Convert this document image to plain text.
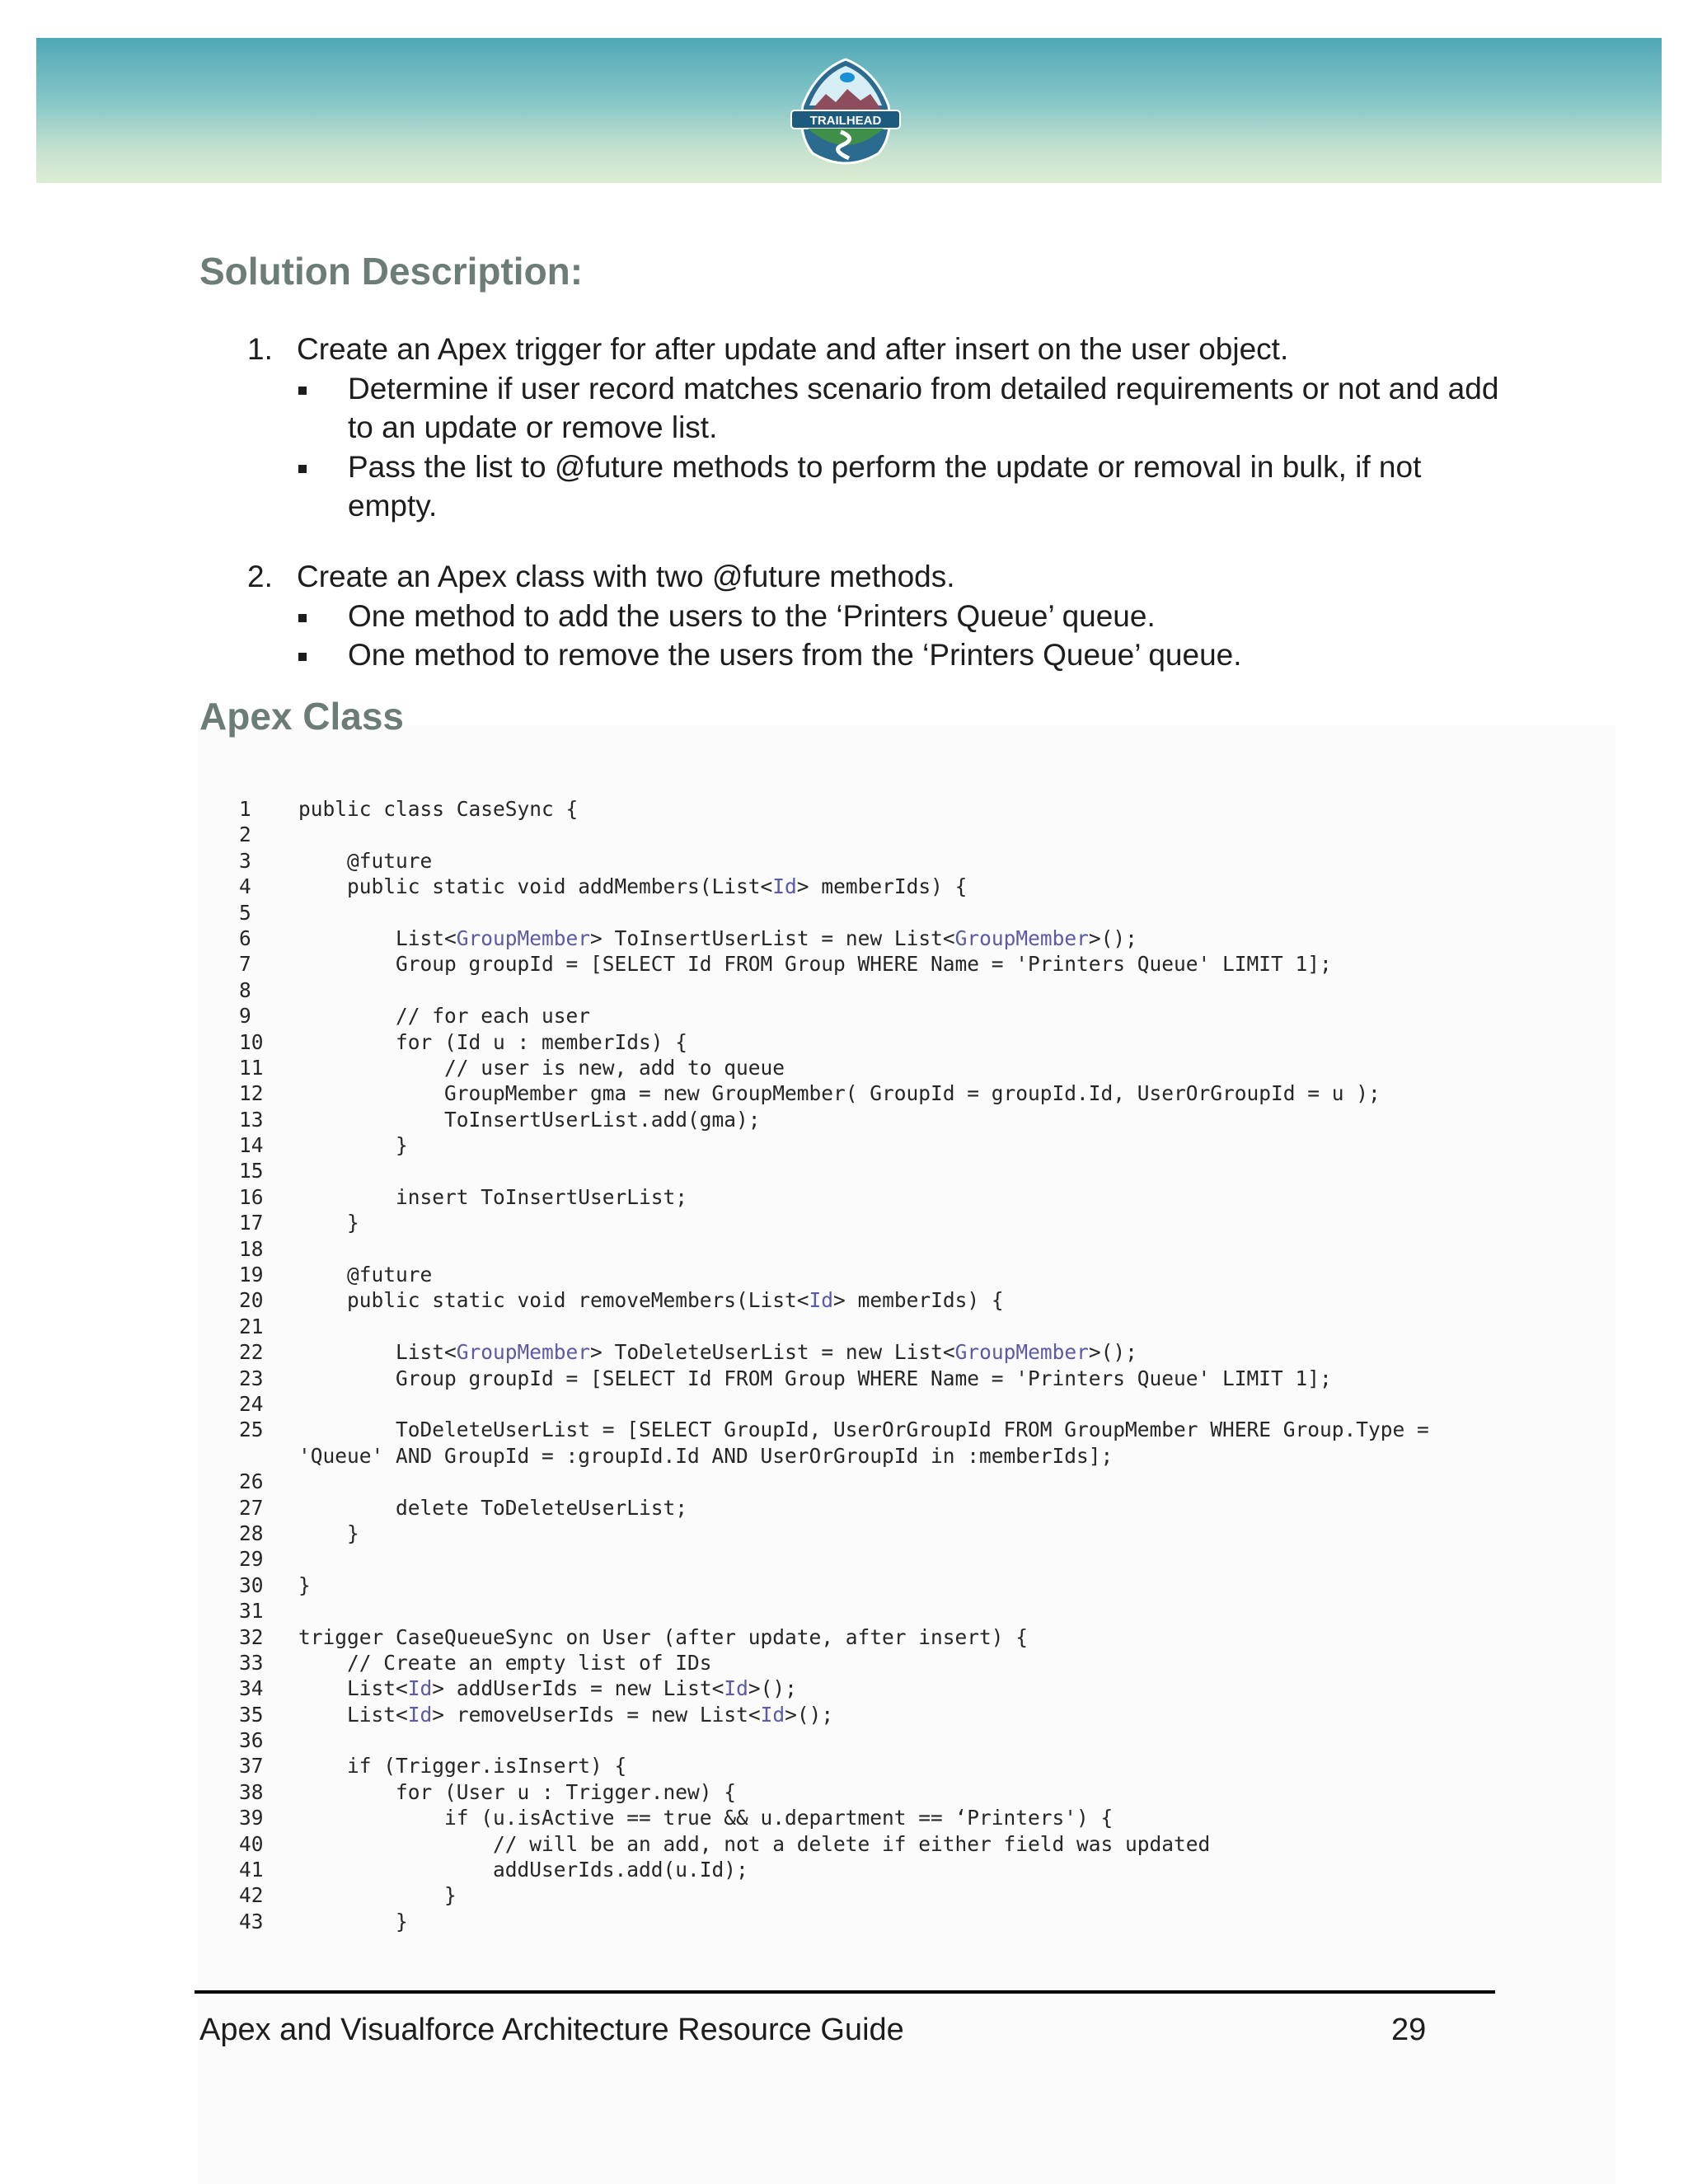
TRAILHEAD
Solution Description:
1. Create an Apex trigger for after update and after insert on the user object.
Determine if user record matches scenario from detailed requirements or not and add to an update or remove list.
Pass the list to @future methods to perform the update or removal in bulk, if not empty.
2. Create an Apex class with two @future methods.
One method to add the users to the ‘Printers Queue’ queue.
One method to remove the users from the ‘Printers Queue’ queue.
Apex Class
1 public class CaseSync {
2
3    @future
4    public static void addMembers(List<Id> memberIds) {
5
6        List<GroupMember> ToInsertUserList = new List<GroupMember>();
7        Group groupId = [SELECT Id FROM Group WHERE Name = 'Printers Queue' LIMIT 1];
8
9        // for each user
10        for (Id u : memberIds) {
11            // user is new, add to queue
12            GroupMember gma = new GroupMember( GroupId = groupId.Id, UserOrGroupId = u );
13            ToInsertUserList.add(gma);
14        }
15
16        insert ToInsertUserList;
17    }
18
19    @future
20    public static void removeMembers(List<Id> memberIds) {
21
22        List<GroupMember> ToDeleteUserList = new List<GroupMember>();
23        Group groupId = [SELECT Id FROM Group WHERE Name = 'Printers Queue' LIMIT 1];
24
25        ToDeleteUserList = [SELECT GroupId, UserOrGroupId FROM GroupMember WHERE Group.Type =
'Queue' AND GroupId = :groupId.Id AND UserOrGroupId in :memberIds];
26
27        delete ToDeleteUserList;
28    }
29
30 }
31
32 trigger CaseQueueSync on User (after update, after insert) {
33    // Create an empty list of IDs
34    List<Id> addUserIds = new List<Id>();
35    List<Id> removeUserIds = new List<Id>();
36
37    if (Trigger.isInsert) {
38        for (User u : Trigger.new) {
39            if (u.isActive == true && u.department == ‘Printers') {
40                // will be an add, not a delete if either field was updated
41                addUserIds.add(u.Id);
42            }
43        }
Apex and Visualforce Architecture Resource Guide	29
